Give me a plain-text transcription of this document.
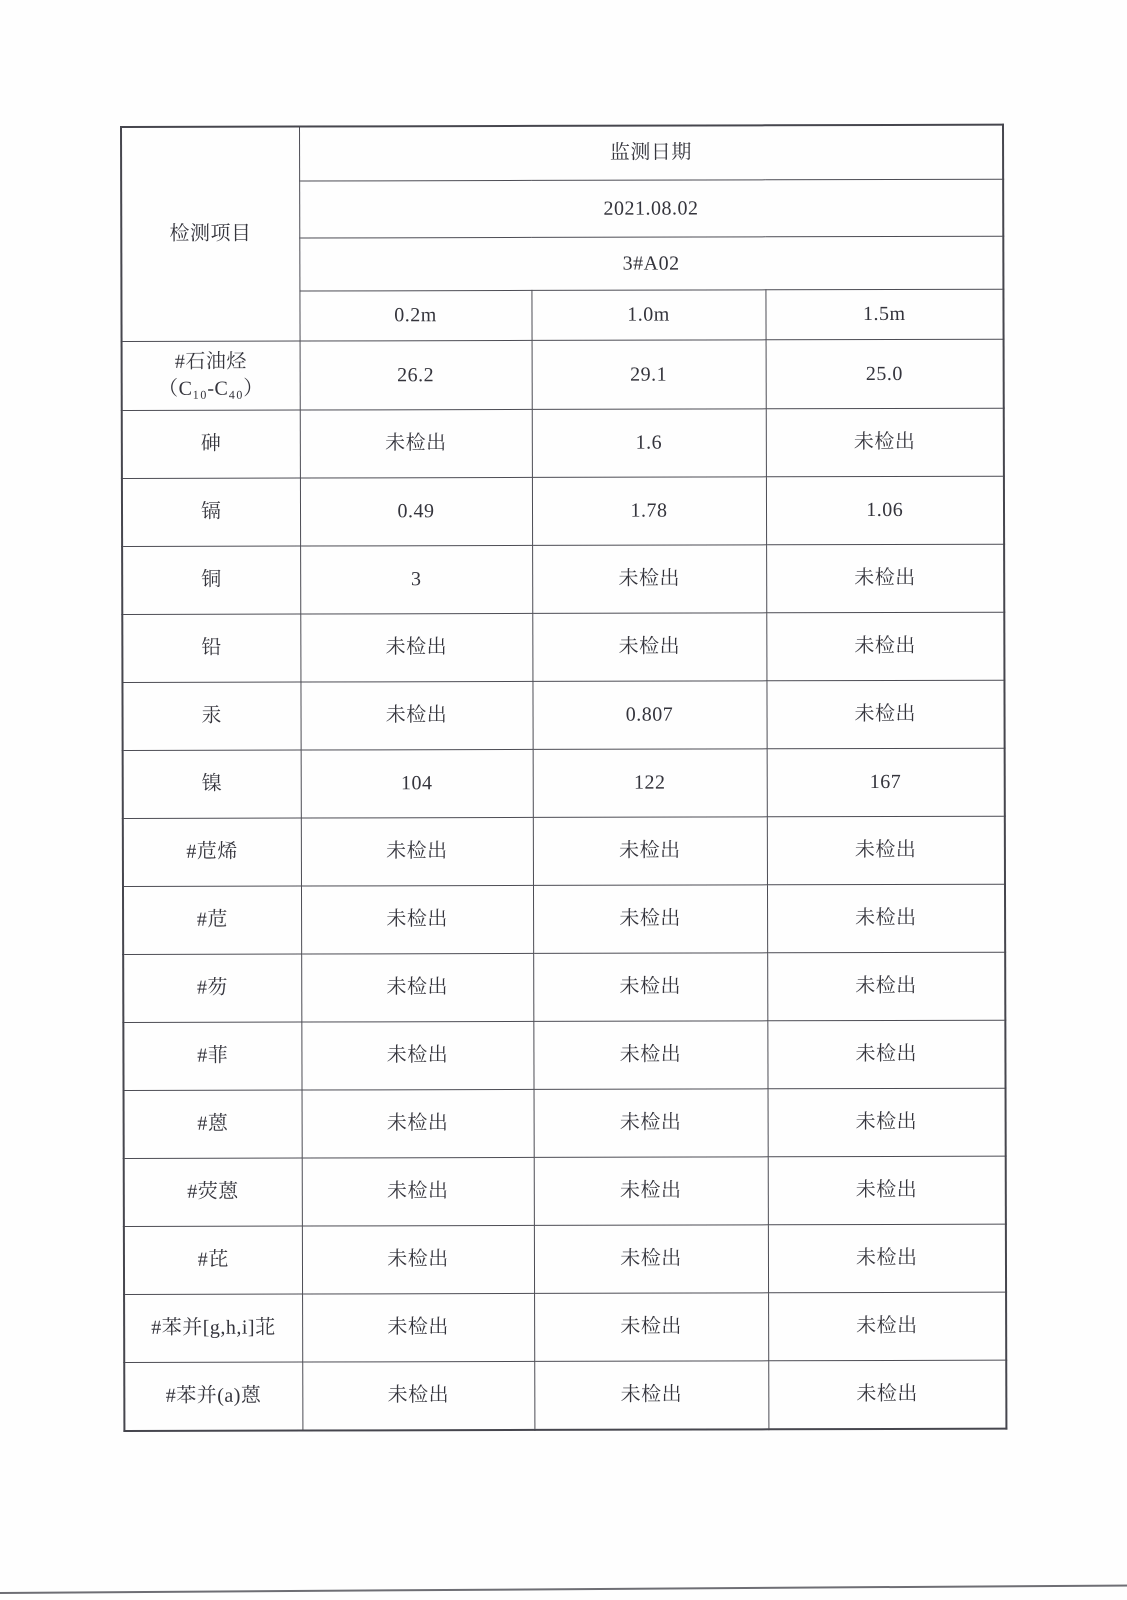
检测项目	监测日期		
	2021.08.02		
	3#A02		
	0.2m	1.0m	1.5m

#石油烃
（C₁₀-C₄₀）	26.2	29.1	25.0

砷	未检出	1.6	未检出

镉	0.49	1.78	1.06

铜	3	未检出	未检出

铅	未检出	未检出	未检出

汞	未检出	0.807	未检出

镍	104	122	167

#苊烯	未检出	未检出	未检出

#苊	未检出	未检出	未检出

#芴	未检出	未检出	未检出

#菲	未检出	未检出	未检出

#蒽	未检出	未检出	未检出

#荧蒽	未检出	未检出	未检出

#芘	未检出	未检出	未检出

#苯并[g,h,i]苝	未检出	未检出	未检出

#苯并(a)蒽	未检出	未检出	未检出
